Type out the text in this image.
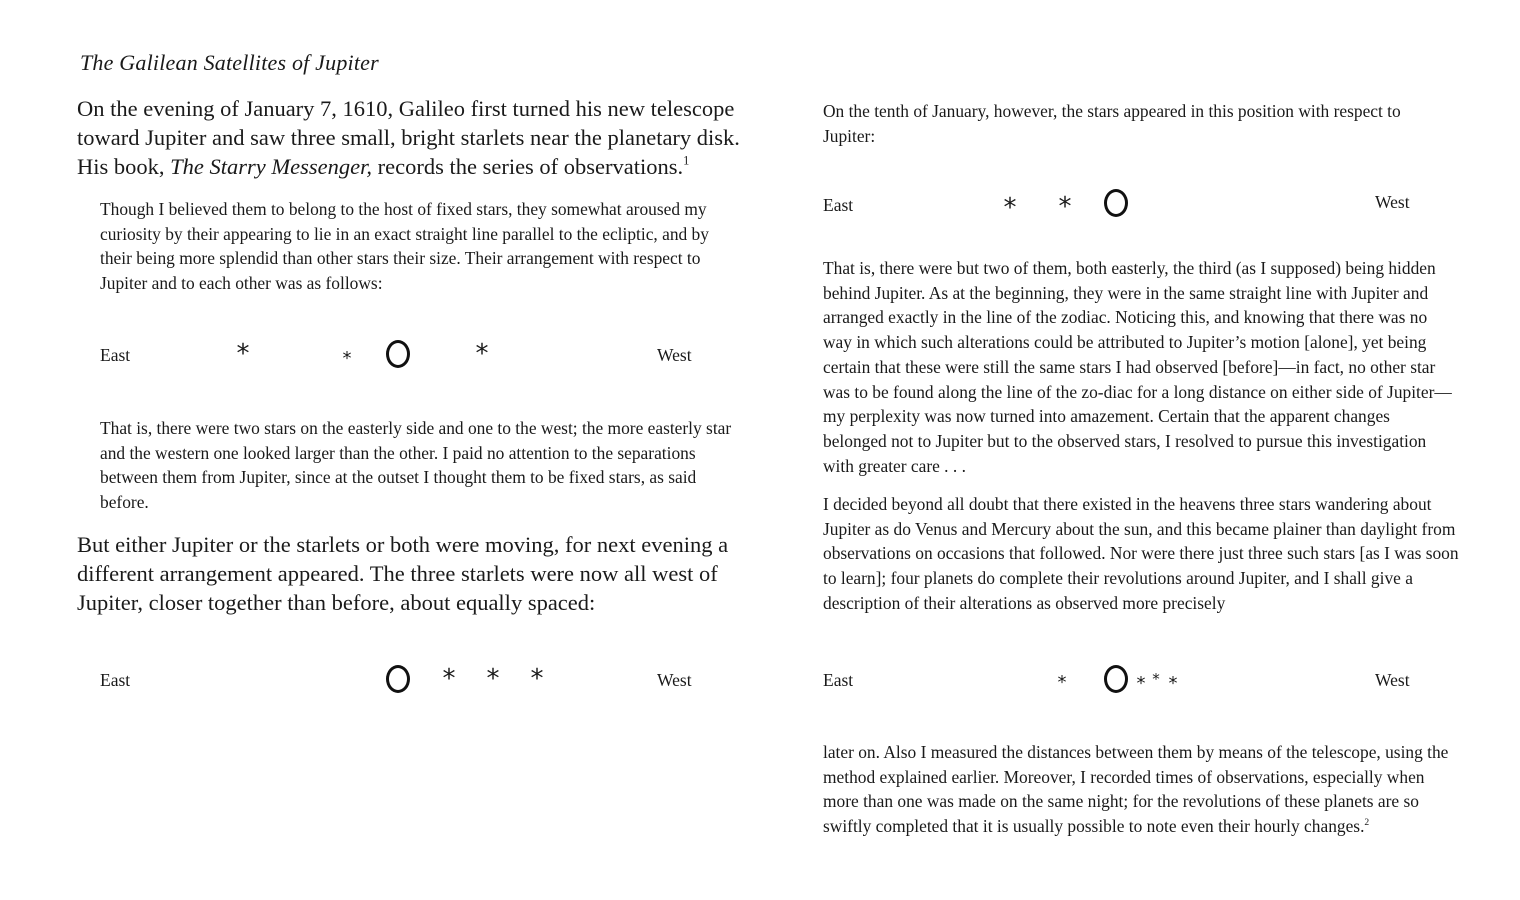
The Galilean Satellites of Jupiter

On the evening of January 7, 1610, Galileo first turned his new telescope toward Jupiter and saw three small, bright starlets near the planetary disk. His book, The Starry Messenger, records the series of observations.$^1$

Though I believed them to belong to the host of fixed stars, they somewhat aroused my curiosity by their appearing to lie in an exact straight line parallel to the ecliptic, and by their being more splendid than other stars their size. Their arrangement with respect to Jupiter and to each other was as follows:

East	*	*	*	West

That is, there were two stars on the easterly side and one to the west; the more easterly star and the western one looked larger than the other. I paid no attention to the separations between them from Jupiter, since at the outset I thought them to be fixed stars, as said before.

But either Jupiter or the starlets or both were moving, for next evening a different arrangement appeared. The three starlets were now all west of Jupiter, closer together than before, about equally spaced:

East	* * *	West

On the tenth of January, however, the stars appeared in this position with respect to Jupiter:

East	* *	West

That is, there were but two of them, both easterly, the third (as I supposed) being hidden behind Jupiter. As at the beginning, they were in the same straight line with Jupiter and arranged exactly in the line of the zodiac. Noticing this, and knowing that there was no way in which such alterations could be attributed to Jupiter’s motion [alone], yet being certain that these were still the same stars I had observed [before]—in fact, no other star was to be found along the line of the zo-diac for a long distance on either side of Jupiter—my perplexity was now turned into amazement. Certain that the apparent changes belonged not to Jupiter but to the observed stars, I resolved to pursue this investigation with greater care . . .

I decided beyond all doubt that there existed in the heavens three stars wandering about Jupiter as do Venus and Mercury about the sun, and this became plainer than daylight from observations on occasions that followed. Nor were there just three such stars [as I was soon to learn]; four planets do complete their revolutions around Jupiter, and I shall give a description of their alterations as observed more precisely

East	*	* * *	West

later on. Also I measured the distances between them by means of the telescope, using the method explained earlier. Moreover, I recorded times of observations, especially when more than one was made on the same night; for the revolutions of these planets are so swiftly completed that it is usually possible to note even their hourly changes.$^2$
